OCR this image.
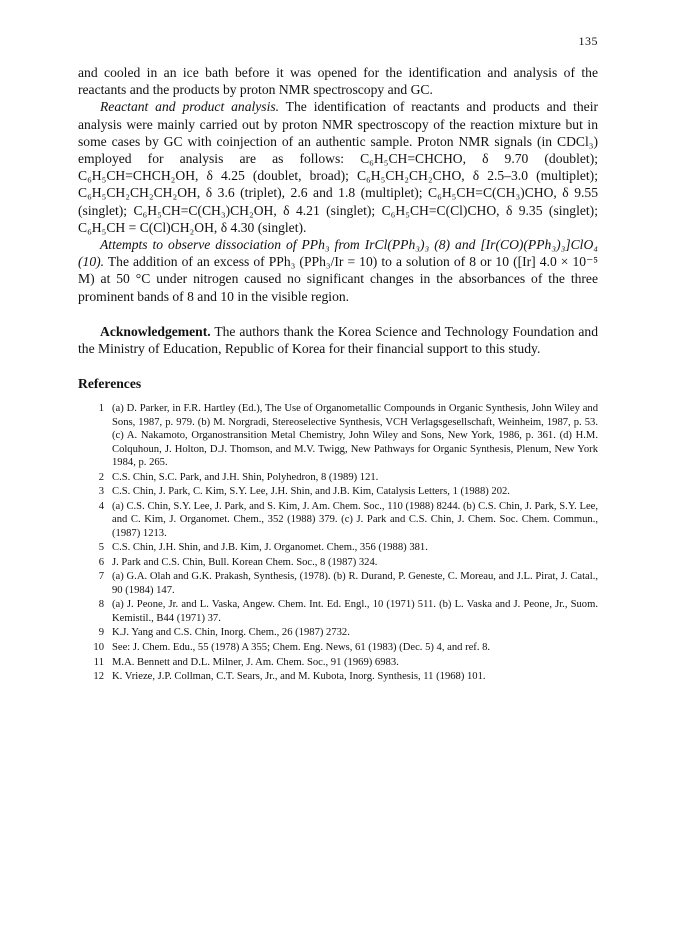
135

and cooled in an ice bath before it was opened for the identification and analysis of the reactants and the products by proton NMR spectroscopy and GC.

Reactant and product analysis. The identification of reactants and products and their analysis were mainly carried out by proton NMR spectroscopy of the reaction mixture but in some cases by GC with coinjection of an authentic sample. Proton NMR signals (in CDCl₃) employed for analysis are as follows: C₆H₅CH=CHCHO, δ 9.70 (doublet); C₆H₅CH=CHCH₂OH, δ 4.25 (doublet, broad); C₆H₅CH₂CH₂CHO, δ 2.5–3.0 (multiplet); C₆H₅CH₂CH₂CH₂OH, δ 3.6 (triplet), 2.6 and 1.8 (multiplet); C₆H₅CH=C(CH₃)CHO, δ 9.55 (singlet); C₆H₅CH=C(CH₃)CH₂OH, δ 4.21 (singlet); C₆H₅CH=C(Cl)CHO, δ 9.35 (singlet); C₆H₅CH = C(Cl)CH₂OH, δ 4.30 (singlet).

Attempts to observe dissociation of PPh₃ from IrCl(PPh₃)₃ (8) and [Ir(CO)(PPh₃)₃]ClO₄ (10). The addition of an excess of PPh₃ (PPh₃/Ir = 10) to a solution of 8 or 10 ([Ir] 4.0 × 10⁻⁵ M) at 50 °C under nitrogen caused no significant changes in the absorbances of the three prominent bands of 8 and 10 in the visible region.

Acknowledgement. The authors thank the Korea Science and Technology Foundation and the Ministry of Education, Republic of Korea for their financial support to this study.

References

1 (a) D. Parker, in F.R. Hartley (Ed.), The Use of Organometallic Compounds in Organic Synthesis, John Wiley and Sons, 1987, p. 979. (b) M. Norgradi, Stereoselective Synthesis, VCH Verlagsgesellschaft, Weinheim, 1987, p. 53. (c) A. Nakamoto, Organostransition Metal Chemistry, John Wiley and Sons, New York, 1986, p. 361. (d) H.M. Colquhoun, J. Holton, D.J. Thomson, and M.V. Twigg, New Pathways for Organic Synthesis, Plenum, New York 1984, p. 265.
2 C.S. Chin, S.C. Park, and J.H. Shin, Polyhedron, 8 (1989) 121.
3 C.S. Chin, J. Park, C. Kim, S.Y. Lee, J.H. Shin, and J.B. Kim, Catalysis Letters, 1 (1988) 202.
4 (a) C.S. Chin, S.Y. Lee, J. Park, and S. Kim, J. Am. Chem. Soc., 110 (1988) 8244. (b) C.S. Chin, J. Park, S.Y. Lee, and C. Kim, J. Organomet. Chem., 352 (1988) 379. (c) J. Park and C.S. Chin, J. Chem. Soc. Chem. Commun., (1987) 1213.
5 C.S. Chin, J.H. Shin, and J.B. Kim, J. Organomet. Chem., 356 (1988) 381.
6 J. Park and C.S. Chin, Bull. Korean Chem. Soc., 8 (1987) 324.
7 (a) G.A. Olah and G.K. Prakash, Synthesis, (1978). (b) R. Durand, P. Geneste, C. Moreau, and J.L. Pirat, J. Catal., 90 (1984) 147.
8 (a) J. Peone, Jr. and L. Vaska, Angew. Chem. Int. Ed. Engl., 10 (1971) 511. (b) L. Vaska and J. Peone, Jr., Suom. Kemistil., B44 (1971) 37.
9 K.J. Yang and C.S. Chin, Inorg. Chem., 26 (1987) 2732.
10 See: J. Chem. Edu., 55 (1978) A 355; Chem. Eng. News, 61 (1983) (Dec. 5) 4, and ref. 8.
11 M.A. Bennett and D.L. Milner, J. Am. Chem. Soc., 91 (1969) 6983.
12 K. Vrieze, J.P. Collman, C.T. Sears, Jr., and M. Kubota, Inorg. Synthesis, 11 (1968) 101.
